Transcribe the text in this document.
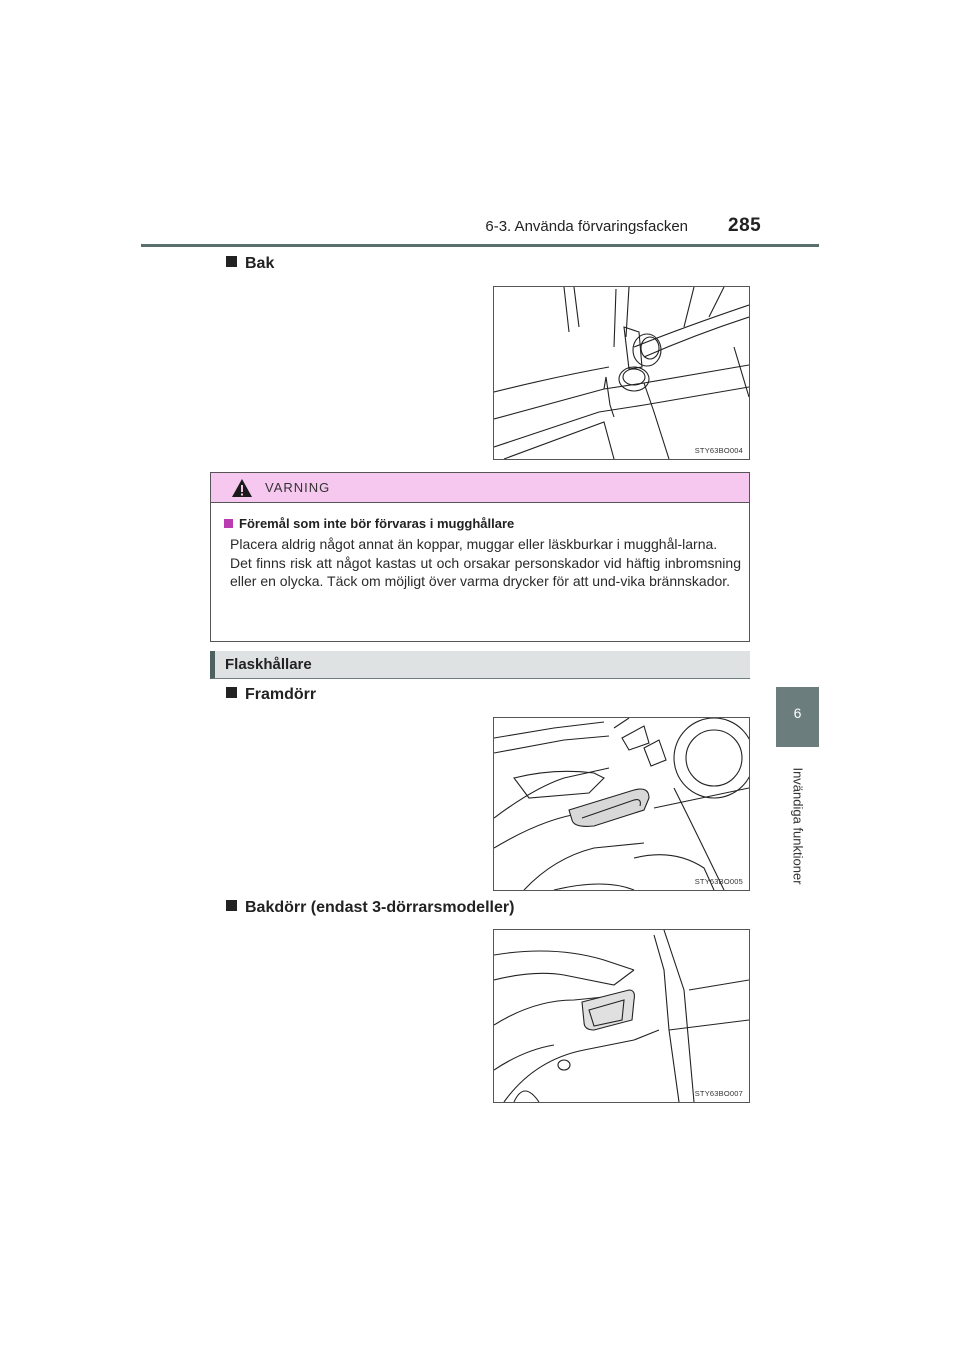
6-3. Använda förvaringsfacken 285
6
Invändiga funktioner
Bak
STY63BO004
VARNING
Föremål som inte bör förvaras i mugghållare

Placera aldrig något annat än koppar, muggar eller läskburkar i mugghål-larna.

Det finns risk att något kastas ut och orsakar personskador vid häftig inbromsning eller en olycka. Täck om möjligt över varma drycker för att und-vika brännskador.

Flaskhållare
Framdörr
STY63BO005
Bakdörr (endast 3-dörrarsmodeller)
STY63BO007
